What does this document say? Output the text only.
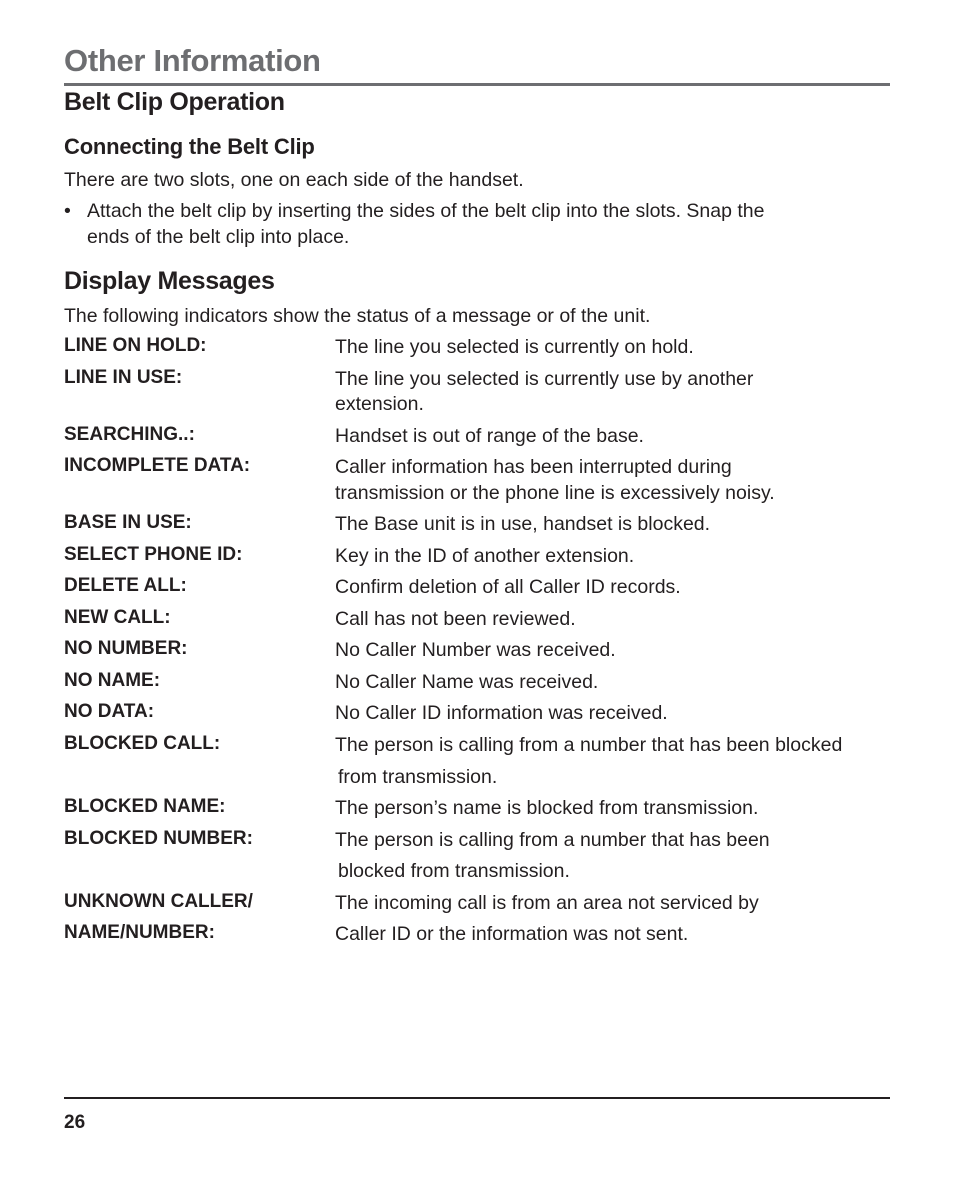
Other Information
Belt Clip Operation
Connecting the Belt Clip
There are two slots, one on each side of the handset.
• Attach the belt clip by inserting the sides of the belt clip into the slots. Snap the
ends of the belt clip into place.
Display Messages
The following indicators show the status of a message or of the unit.
LINE ON HOLD:	The line you selected is currently on hold.
LINE IN USE:	The line you selected is currently use by another
extension.
SEARCHING..:	Handset is out of range of the base.
INCOMPLETE DATA:	Caller information has been interrupted during
transmission or the phone line is excessively noisy.
BASE IN USE:	The Base unit is in use, handset is blocked.
SELECT PHONE ID:	Key in the ID of another extension.
DELETE ALL:	Confirm deletion of all Caller ID records.
NEW CALL:	Call has not been reviewed.
NO NUMBER:	No Caller Number was received.
NO NAME:	No Caller Name was received.
NO DATA:	No Caller ID information was received.
BLOCKED CALL:	The person is calling from a number that has been blocked
from transmission.
BLOCKED NAME:	The person’s name is blocked from transmission.
BLOCKED NUMBER:	The person is calling from a number that has been
blocked from transmission.
UNKNOWN CALLER/	The incoming call is from an area not serviced by
NAME/NUMBER:	Caller ID or the information was not sent.
26
